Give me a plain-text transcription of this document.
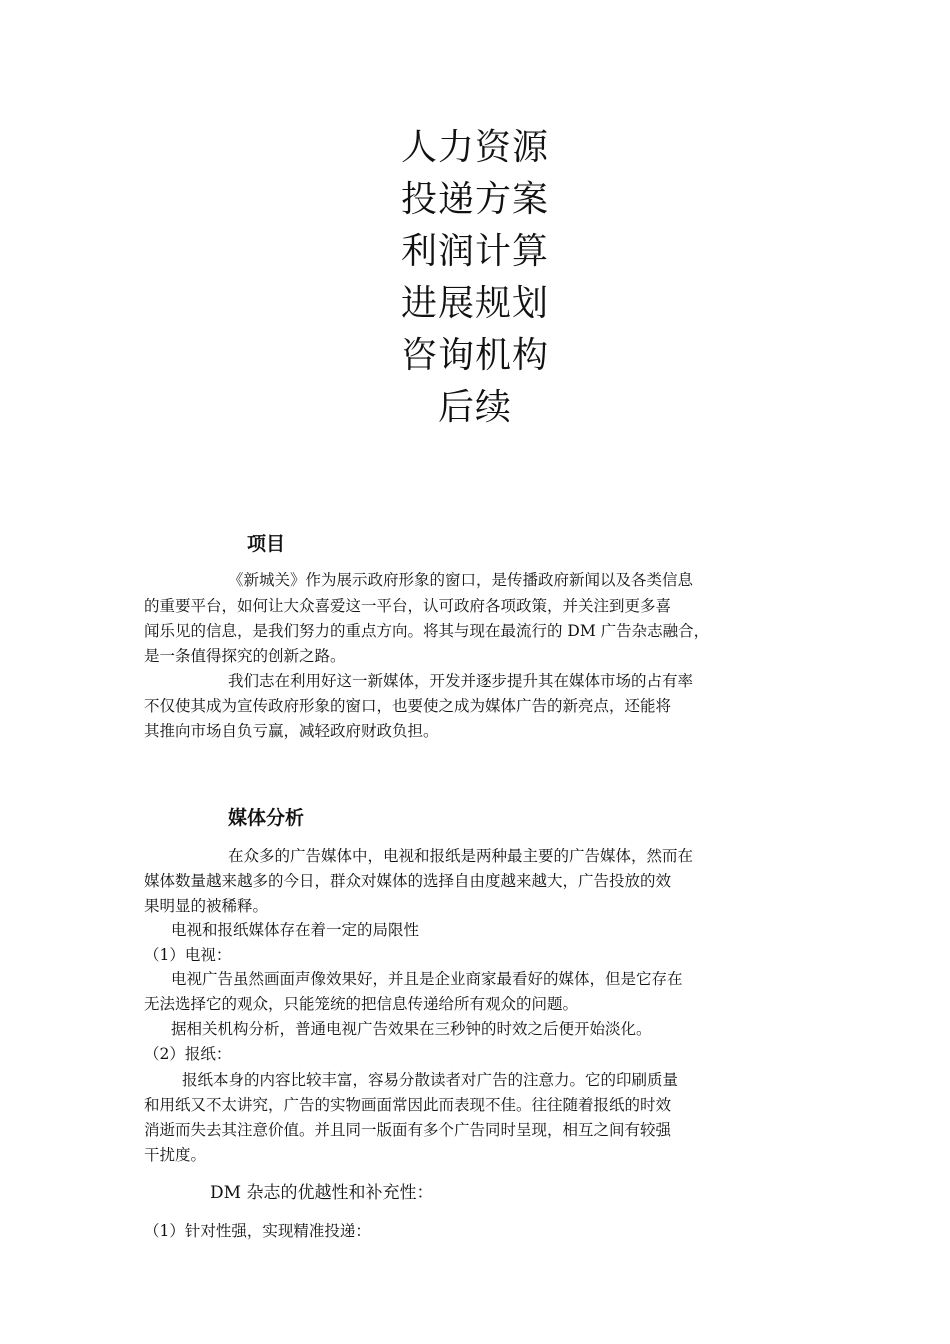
人力资源
投递方案
利润计算
进展规划
咨询机构
后续
项目
《新城关》作为展示政府形象的窗口，是传播政府新闻以及各类信息
的重要平台，如何让大众喜爱这一平台，认可政府各项政策，并关注到更多喜
闻乐见的信息，是我们努力的重点方向。将其与现在最流行的 DM 广告杂志融合，
是一条值得探究的创新之路。
我们志在利用好这一新媒体，开发并逐步提升其在媒体市场的占有率
不仅使其成为宣传政府形象的窗口，也要使之成为媒体广告的新亮点，还能将
其推向市场自负亏赢，减轻政府财政负担。
媒体分析
在众多的广告媒体中，电视和报纸是两种最主要的广告媒体，然而在
媒体数量越来越多的今日，群众对媒体的选择自由度越来越大，广告投放的效
果明显的被稀释。
电视和报纸媒体存在着一定的局限性
（1）电视：
电视广告虽然画面声像效果好，并且是企业商家最看好的媒体，但是它存在
无法选择它的观众，只能笼统的把信息传递给所有观众的问题。
据相关机构分析，普通电视广告效果在三秒钟的时效之后便开始淡化。
（2）报纸：
报纸本身的内容比较丰富，容易分散读者对广告的注意力。它的印刷质量
和用纸又不太讲究，广告的实物画面常因此而表现不佳。往往随着报纸的时效
消逝而失去其注意价值。并且同一版面有多个广告同时呈现，相互之间有较强
干扰度。
DM 杂志的优越性和补充性：
（1）针对性强，实现精准投递：
